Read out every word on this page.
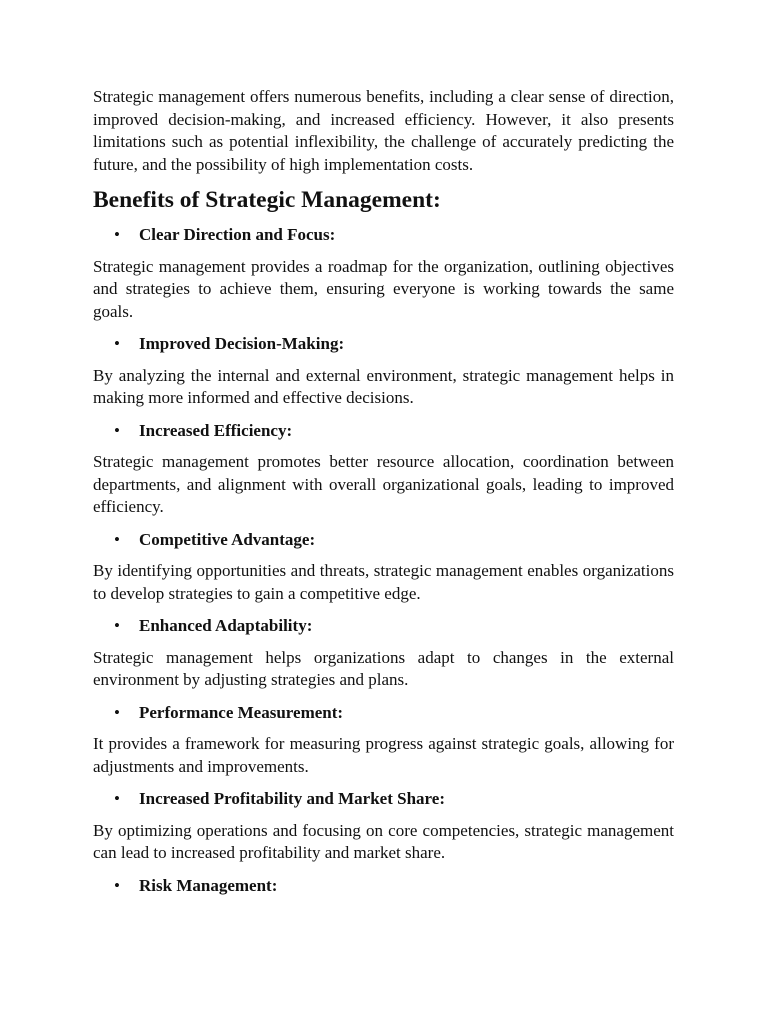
Strategic management offers numerous benefits, including a clear sense of direction, improved decision-making, and increased efficiency. However, it also presents limitations such as potential inflexibility, the challenge of accurately predicting the future, and the possibility of high implementation costs.

Benefits of Strategic Management:
•	Clear Direction and Focus:

Strategic management provides a roadmap for the organization, outlining objectives and strategies to achieve them, ensuring everyone is working towards the same goals.

•	Improved Decision-Making:

By analyzing the internal and external environment, strategic management helps in making more informed and effective decisions.

•	Increased Efficiency:

Strategic management promotes better resource allocation, coordination between departments, and alignment with overall organizational goals, leading to improved efficiency.

•	Competitive Advantage:

By identifying opportunities and threats, strategic management enables organizations to develop strategies to gain a competitive edge.

•	Enhanced Adaptability:

Strategic management helps organizations adapt to changes in the external environment by adjusting strategies and plans.

•	Performance Measurement:

It provides a framework for measuring progress against strategic goals, allowing for adjustments and improvements.

•	Increased Profitability and Market Share:

By optimizing operations and focusing on core competencies, strategic management can lead to increased profitability and market share.

•	Risk Management:
